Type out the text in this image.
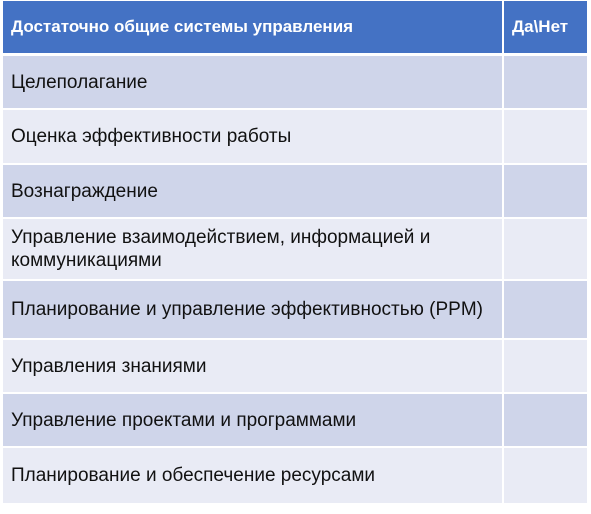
Достаточно общие системы управления	Да\Нет
Целеполагание	
Оценка эффективности работы	
Вознаграждение	
Управление взаимодействием, информацией и коммуникациями	
Планирование и управление эффективностью (PPM)	
Управления знаниями	
Управление проектами и программами	
Планирование и обеспечение ресурсами	
